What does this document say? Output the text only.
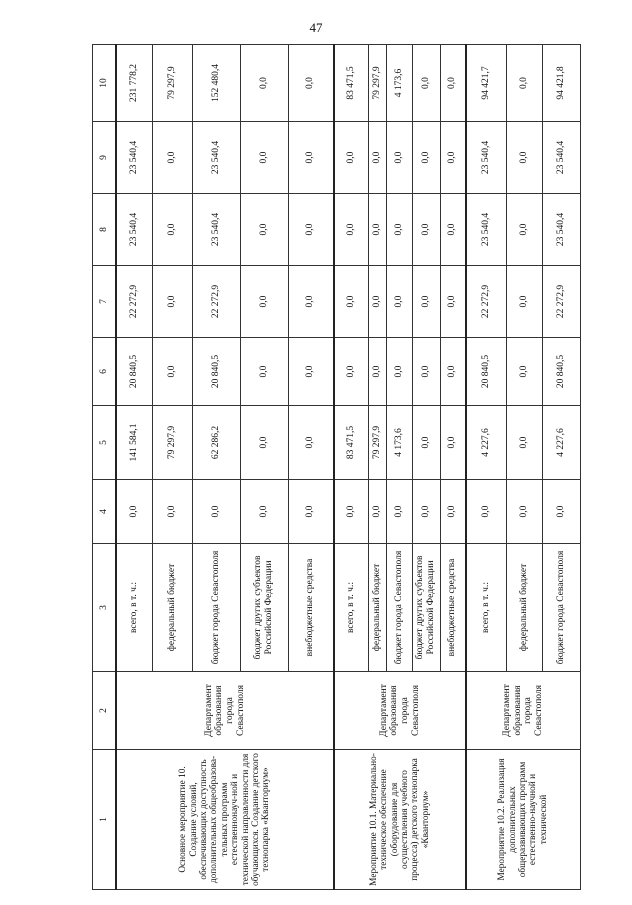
47
1	2	3	4	5	6	7	8	9	10
Основное мероприятие 10. Создание условий, обеспечивающих доступность дополнительных общеобразова-тельных программ естественнонауч-ной и технической направленности для обучающихся. Создание детского технопарка «Кванториум»	Департамент образования города Севастополя	всего, в т. ч.:	0,0	141 584,1	20 840,5	22 272,9	23 540,4	23 540,4	231 778,2
		федеральный бюджет	0,0	79 297,9	0,0	0,0	0,0	0,0	79 297,9
		бюджет города Севастополя	0,0	62 286,2	20 840,5	22 272,9	23 540,4	23 540,4	152 480,4
		бюджет других субъектов Российской Федерации	0,0	0,0	0,0	0,0	0,0	0,0	0,0
		внебюджетные средства	0,0	0,0	0,0	0,0	0,0	0,0	0,0
Мероприятие 10.1. Материально-техническое обеспечение (оборудование для осуществления учебного процесса) детского технопарка «Кванториум»	Департамент образования города Севастополя	всего, в т. ч.:	0,0	83 471,5	0,0	0,0	0,0	0,0	83 471,5
		федеральный бюджет	0,0	79 297,9	0,0	0,0	0,0	0,0	79 297,9
		бюджет города Севастополя	0,0	4 173,6	0,0	0,0	0,0	0,0	4 173,6
		бюджет других субъектов Российской Федерации	0,0	0,0	0,0	0,0	0,0	0,0	0,0
		внебюджетные средства	0,0	0,0	0,0	0,0	0,0	0,0	0,0
Мероприятие 10.2. Реализация дополнительных общеразвивающих программ естественно-научной и технической	Департамент образования города Севастополя	всего, в т. ч.:	0,0	4 227,6	20 840,5	22 272,9	23 540,4	23 540,4	94 421,7
		федеральный бюджет	0,0	0,0	0,0	0,0	0,0	0,0	0,0
		бюджет города Севастополя	0,0	4 227,6	20 840,5	22 272,9	23 540,4	23 540,4	94 421,8
